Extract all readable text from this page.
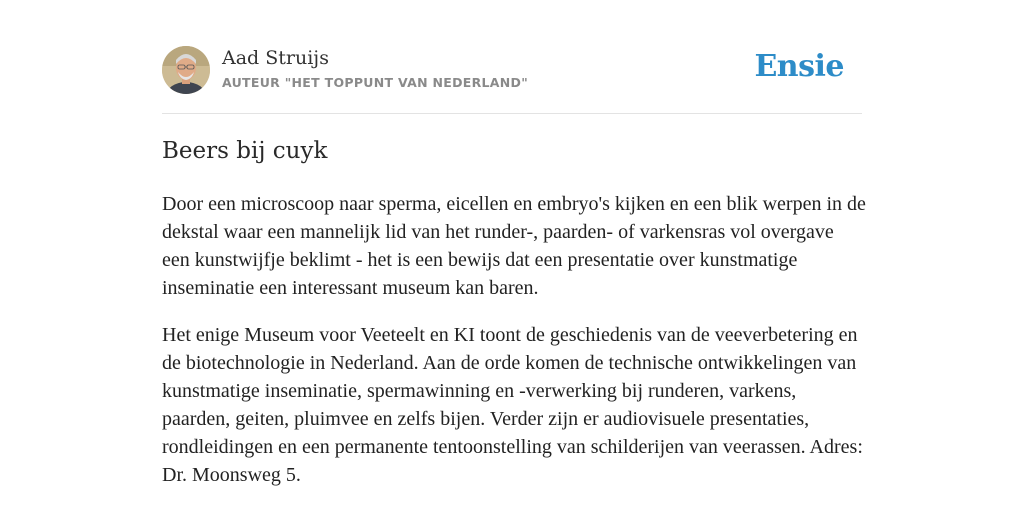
Aad Struijs
AUTEUR "HET TOPPUNT VAN NEDERLAND"	Ensie
Beers bij cuyk

Door een microscoop naar sperma, eicellen en embryo's kijken en een blik werpen in de dekstal waar een mannelijk lid van het runder-, paarden- of varkensras vol overgave een kunstwijfje beklimt - het is een bewijs dat een presentatie over kunstmatige inseminatie een interessant museum kan baren.

Het enige Museum voor Veeteelt en KI toont de geschiedenis van de veeverbetering en de biotechnologie in Nederland. Aan de orde komen de technische ontwikkelingen van kunstmatige inseminatie, spermawinning en -verwerking bij runderen, varkens, paarden, geiten, pluimvee en zelfs bijen. Verder zijn er audiovisuele presentaties, rondleidingen en een permanente tentoonstelling van schilderijen van veerassen. Adres: Dr. Moonsweg 5.
